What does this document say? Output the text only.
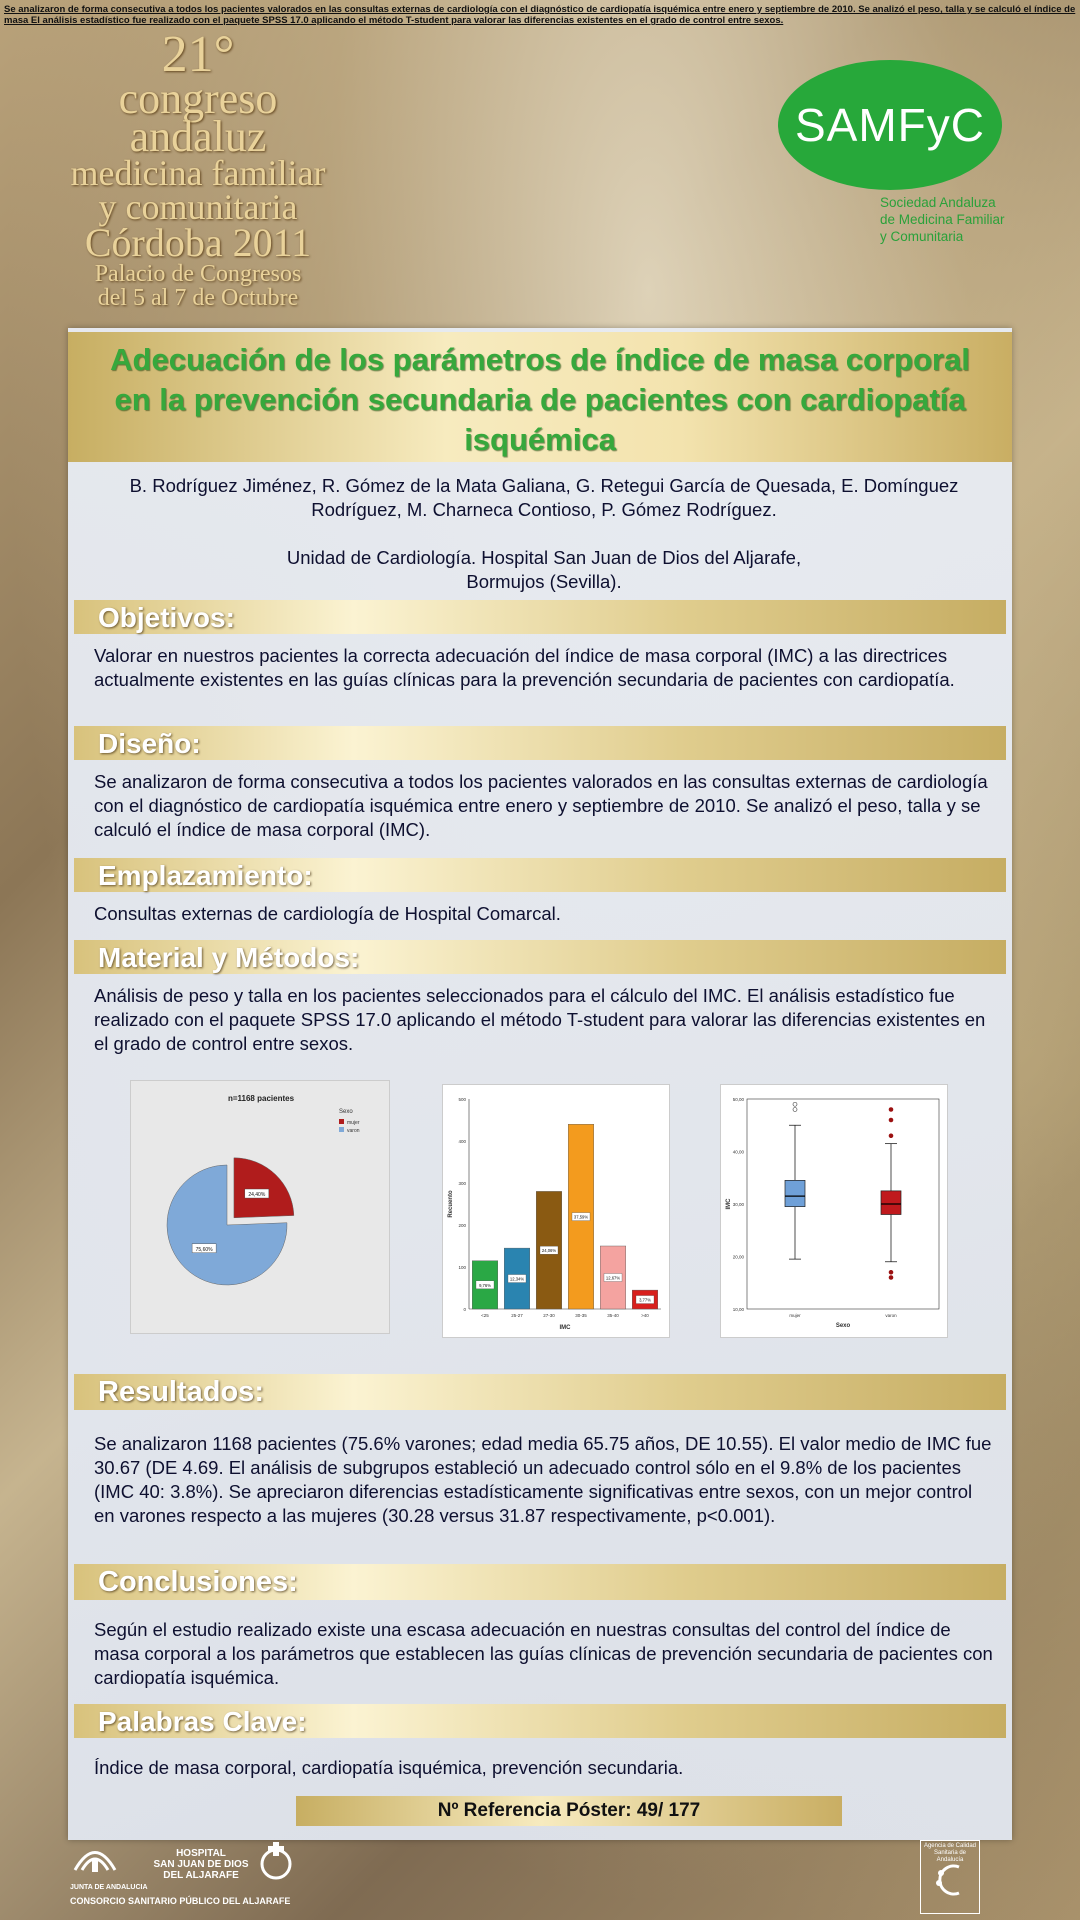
Se analizaron de forma consecutiva a todos los pacientes valorados en las consultas externas de cardiología con el diagnóstico de cardiopatía isquémica entre enero y septiembre de 2010. Se analizó el peso, talla y se calculó el índice de masa El análisis estadístico fue realizado con el paquete SPSS 17.0 aplicando el método T-student para valorar las diferencias existentes en el grado de control entre sexos.
21°
congreso
andaluz
medicina familiar
y comunitaria
Córdoba 2011
Palacio de Congresos
del 5 al 7 de Octubre
SAMFyC
Sociedad Andaluza
de Medicina Familiar
y Comunitaria
Adecuación de los parámetros de índice de masa corporal en la prevención secundaria de pacientes con cardiopatía isquémica
B. Rodríguez Jiménez, R. Gómez de la Mata Galiana, G. Retegui García de Quesada, E. Domínguez Rodríguez, M. Charneca Contioso, P. Gómez Rodríguez.
Unidad de Cardiología. Hospital San Juan de Dios del Aljarafe,
Bormujos (Sevilla).
Objetivos:
Valorar en nuestros pacientes la correcta adecuación del índice de masa corporal (IMC) a las directrices actualmente existentes en las guías clínicas para la prevención secundaria de pacientes con cardiopatía.
Diseño:
Se analizaron de forma consecutiva a todos los pacientes valorados en las consultas externas de cardiología con el diagnóstico de cardiopatía isquémica entre enero y septiembre de 2010. Se analizó el peso, talla y se calculó el índice de masa corporal (IMC).
Emplazamiento:
Consultas externas de cardiología de Hospital Comarcal.
Material y Métodos:
Análisis de peso y talla en los pacientes seleccionados para el cálculo del IMC. El análisis estadístico fue realizado con el paquete SPSS 17.0 aplicando el método T-student para valorar las diferencias existentes en el grado de control entre sexos.
n=1168 pacientes
Sexo
mujer
varon
24,40%
75,60%
0
100
200
300
400
500
9,76%
<25
12,34%
25-27
24,06%
27-30
37,59%
30-35
12,67%
35-40
3,77%
>40
IMC
Recuento
10,00
20,00
30,00
40,00
50,00
mujer	varon
Sexo
IMC
Resultados:
Se analizaron 1168 pacientes (75.6% varones; edad media 65.75 años, DE 10.55). El valor medio de IMC fue 30.67 (DE 4.69. El análisis de subgrupos estableció un adecuado control sólo en el 9.8% de los pacientes (IMC 40: 3.8%). Se apreciaron diferencias estadísticamente significativas entre sexos, con un mejor control en varones respecto a las mujeres (30.28 versus 31.87 respectivamente, p<0.001).
Conclusiones:
Según el estudio realizado existe una escasa adecuación en nuestras consultas del control del índice de masa corporal a los parámetros que establecen las guías clínicas de prevención secundaria de pacientes con cardiopatía isquémica.
Palabras Clave:
Índice de masa corporal, cardiopatía isquémica, prevención secundaria.
Nº Referencia Póster: 49/ 177
JUNTA DE ANDALUCIA
HOSPITAL
SAN JUAN DE DIOS
DEL ALJARAFE
CONSORCIO SANITARIO PÚBLICO DEL ALJARAFE
Agencia de Calidad
Sanitaria de Andalucía
